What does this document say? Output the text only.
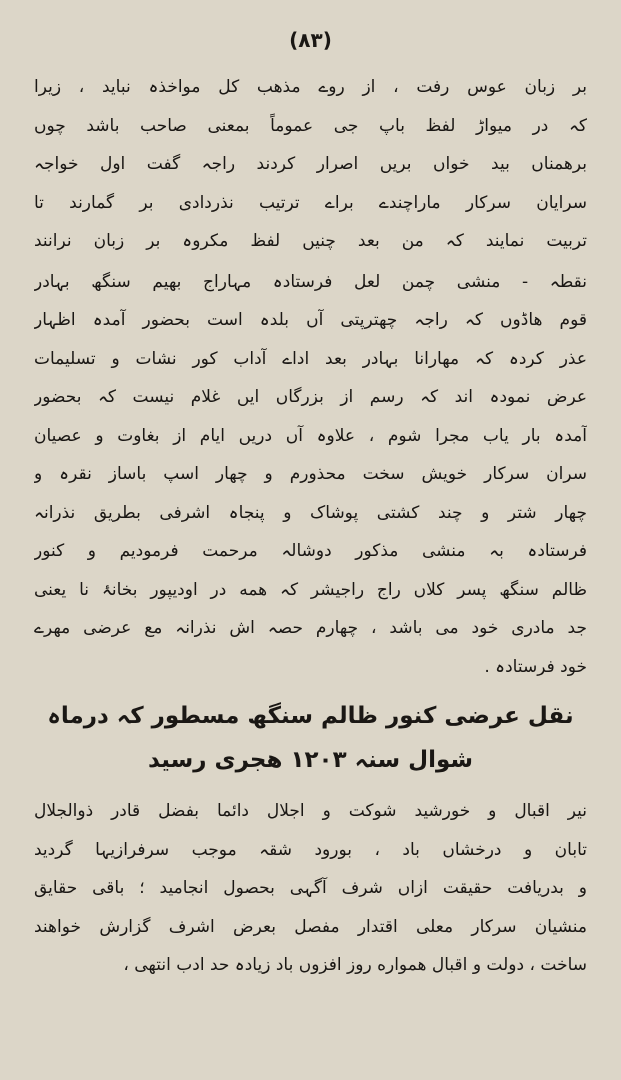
(۸۳)
بر زبان عوس رفت ، از روے مذهب کل مواخذہ نباید ، زیرا
کہ در میواڑ لفظ باپ جی عموماً بمعنی صاحب باشد چوں
برهمناں بید خواں بریں اصرار کردند راجہ گفت اول خواجہ
سرایان سرکار ماراچندے براے ترتیب نذردادی بر گمارند تا
تربیت نمایند کہ من بعد چنیں لفظ مکروہ بر زبان نرانند
نقطہ - منشی چمن لعل فرستادہ مہاراج بهیم سنگھ بہادر
قوم هاڈوں کہ راجہ چهترپتی آں بلدہ است بحضور آمدہ اظہار
عذر کردہ کہ مهارانا بہادر بعد اداے آداب کور نشات و تسلیمات
عرض نمودہ اند کہ رسم از بزرگاں ایں غلام نیست کہ بحضور
آمدہ بار یاب مجرا شوم ، علاوہ آں دریں ایام از بغاوت و عصیان
سران سرکار خویش سخت محذورم و چهار اسپ باساز نقرہ و
چهار شتر و چند کشتی پوشاک و پنجاہ اشرفی بطریق نذرانہ
فرستادہ بہ منشی مذکور دوشالہ مرحمت فرمودیم و کنور
ظالم سنگھ پسر کلاں راج راجیشر کہ همه در اودیپور بخانۂ نا یعنی
جد مادری خود می باشد ، چهارم حصہ اش نذرانہ مع عرضی مهرے
خود فرستادہ .
نقل عرضی کنور ظالم سنگھ مسطور کہ درماہ
شوال سنہ ۱۲۰۳ هجری رسید
نیر اقبال و خورشید شوکت و اجلال دائما بفضل قادر ذوالجلال
تابان و درخشاں باد ، بورود شقہ موجب سرفرازیہا گردید
و بدریافت حقیقت ازاں شرف آگہی بحصول انجامید ؛ باقی حقایق
منشیان سرکار معلی اقتدار مفصل بعرض اشرف گزارش خواهند
ساخت ، دولت و اقبال همواره روز افزوں باد زیادہ حد ادب انتهی ،
